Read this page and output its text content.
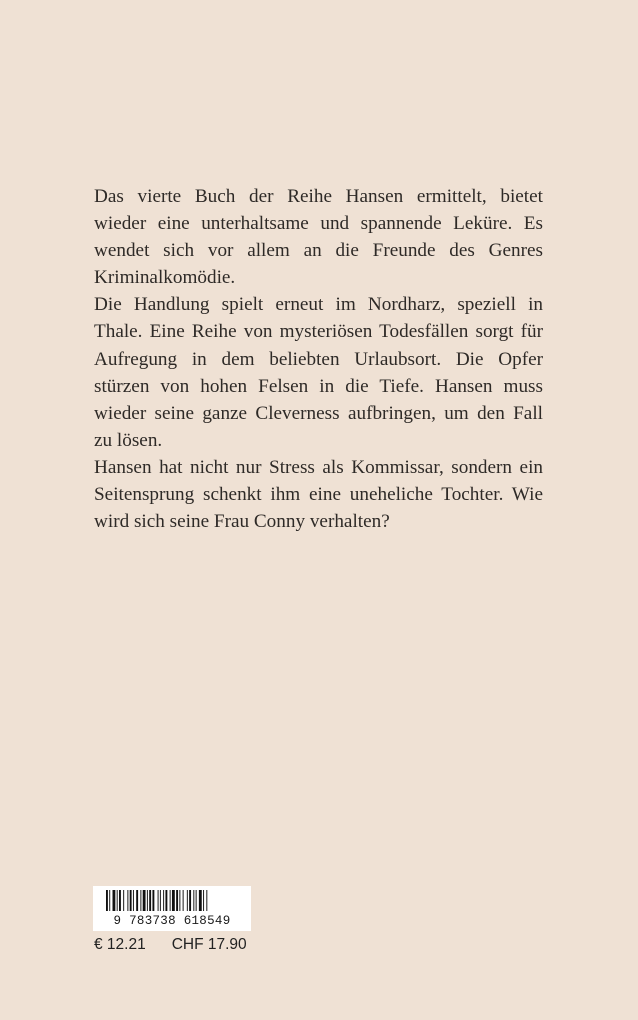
Das vierte Buch der Reihe Hansen ermittelt, bietet
wieder eine unterhaltsame und spannende Leküre. Es
wendet sich vor allem an die Freunde des Genres
Kriminalkomödie.
Die Handlung spielt erneut im Nordharz, speziell in
Thale. Eine Reihe von mysteriösen Todesfällen sorgt für
Aufregung in dem beliebten Urlaubsort. Die Opfer
stürzen von hohen Felsen in die Tiefe. Hansen muss
wieder seine ganze Cleverness aufbringen, um den Fall
zu lösen.
Hansen hat nicht nur Stress als Kommissar, sondern ein
Seitensprung schenkt ihm eine uneheliche Tochter. Wie
wird sich seine Frau Conny verhalten?
9 783738 618549
€ 12.21 CHF 17.90
